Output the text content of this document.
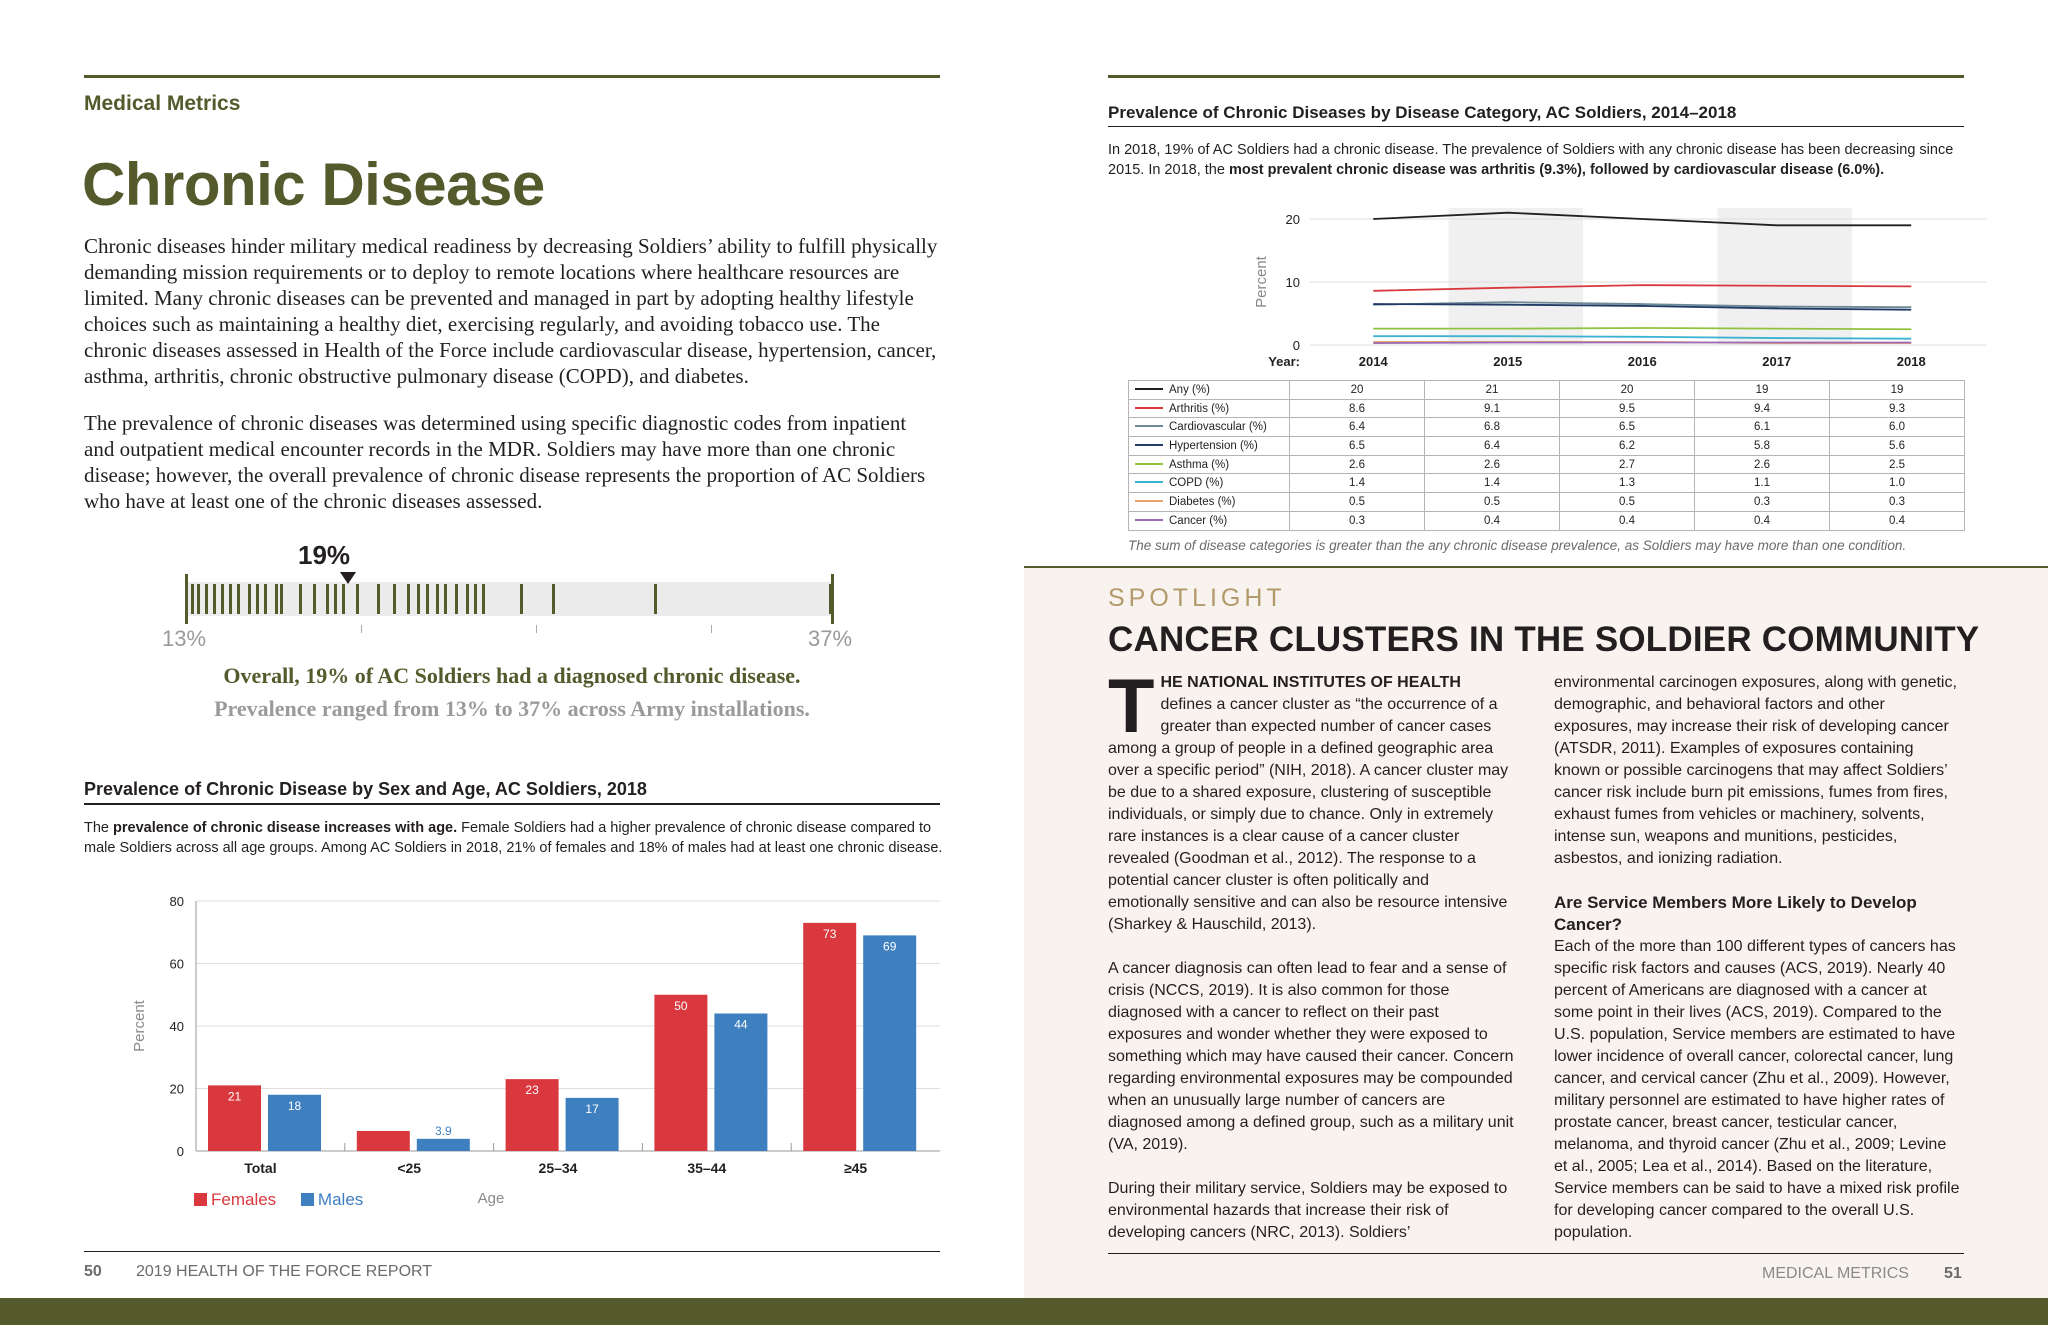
Medical Metrics
Chronic Disease

Chronic diseases hinder military medical readiness by decreasing Soldiers’ ability to fulfill physically demanding mission requirements or to deploy to remote locations where healthcare resources are limited. Many chronic diseases can be prevented and managed in part by adopting healthy lifestyle choices such as maintaining a healthy diet, exercising regularly, and avoiding tobacco use. The chronic diseases assessed in Health of the Force include cardiovascular disease, hypertension, cancer, asthma, arthritis, chronic obstructive pulmonary disease (COPD), and diabetes.

The prevalence of chronic diseases was determined using specific diagnostic codes from inpatient and outpatient medical encounter records in the MDR. Soldiers may have more than one chronic disease; however, the overall prevalence of chronic disease represents the proportion of AC Soldiers who have at least one of the chronic diseases assessed.

19%
13%	37%
Overall, 19% of AC Soldiers had a diagnosed chronic disease.
Prevalence ranged from 13% to 37% across Army installations.
Prevalence of Chronic Disease by Sex and Age, AC Soldiers, 2018

The prevalence of chronic disease increases with age. Female Soldiers had a higher prevalence of chronic disease compared to male Soldiers across all age groups. Among AC Soldiers in 2018, 21% of females and 18% of males had at least one chronic disease.

0
20
40
60
80
Percent
21
18
Total
6.4
3.9
<25
23
17
25–34
50
44
35–44
73
69
≥45
Age
Females Males
50 2019 HEALTH OF THE FORCE REPORT
Prevalence of Chronic Diseases by Disease Category, AC Soldiers, 2014–2018

In 2018, 19% of AC Soldiers had a chronic disease. The prevalence of Soldiers with any chronic disease has been decreasing since 2015. In 2018, the most prevalent chronic disease was arthritis (9.3%), followed by cardiovascular disease (6.0%).

0
10
20
Percent
Year:	2014	2015	2016	2017	2018
Any (%)	20	21	20	19	19
Arthritis (%)	8.6	9.1	9.5	9.4	9.3
Cardiovascular (%)	6.4	6.8	6.5	6.1	6.0
Hypertension (%)	6.5	6.4	6.2	5.8	5.6
Asthma (%)	2.6	2.6	2.7	2.6	2.5
COPD (%)	1.4	1.4	1.3	1.1	1.0
Diabetes (%)	0.5	0.5	0.5	0.3	0.3
Cancer (%)	0.3	0.4	0.4	0.4	0.4
The sum of disease categories is greater than the any chronic disease prevalence, as Soldiers may have more than one condition.
SPOTLIGHT
CANCER CLUSTERS IN THE SOLDIER COMMUNITY

THE NATIONAL INSTITUTES OF HEALTH defines a cancer cluster as “the occurrence of a greater than expected number of cancer cases among a group of people in a defined geographic area over a specific period” (NIH, 2018). A cancer cluster may be due to a shared exposure, clustering of susceptible individuals, or simply due to chance. Only in extremely rare instances is a clear cause of a cancer cluster revealed (Goodman et al., 2012). The response to a potential cancer cluster is often politically and emotionally sensitive and can also be resource intensive (Sharkey & Hauschild, 2013).

A cancer diagnosis can often lead to fear and a sense of crisis (NCCS, 2019). It is also common for those diagnosed with a cancer to reflect on their past exposures and wonder whether they were exposed to something which may have caused their cancer. Concern regarding environmental exposures may be compounded when an unusually large number of cancers are diagnosed among a defined group, such as a military unit (VA, 2019).

During their military service, Soldiers may be exposed to environmental hazards that increase their risk of developing cancers (NRC, 2013). Soldiers’

environmental carcinogen exposures, along with genetic, demographic, and behavioral factors and other exposures, may increase their risk of developing cancer (ATSDR, 2011). Examples of exposures containing known or possible carcinogens that may affect Soldiers’ cancer risk include burn pit emissions, fumes from fires, exhaust fumes from vehicles or machinery, solvents, intense sun, weapons and munitions, pesticides, asbestos, and ionizing radiation.

Are Service Members More Likely to Develop Cancer?

Each of the more than 100 different types of cancers has specific risk factors and causes (ACS, 2019). Nearly 40 percent of Americans are diagnosed with a cancer at some point in their lives (ACS, 2019). Compared to the U.S. population, Service members are estimated to have lower incidence of overall cancer, colorectal cancer, lung cancer, and cervical cancer (Zhu et al., 2009). However, military personnel are estimated to have higher rates of prostate cancer, breast cancer, testicular cancer, melanoma, and thyroid cancer (Zhu et al., 2009; Levine et al., 2005; Lea et al., 2014). Based on the literature, Service members can be said to have a mixed risk profile for developing cancer compared to the overall U.S. population.

MEDICAL METRICS 51
